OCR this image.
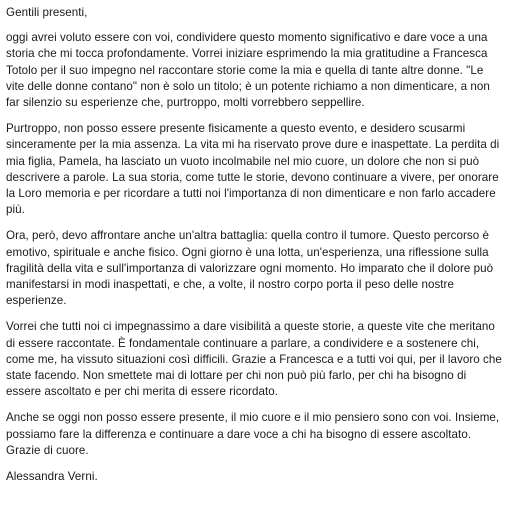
Gentili presenti,

oggi avrei voluto essere con voi, condividere questo momento significativo e dare voce a una storia che mi tocca profondamente. Vorrei iniziare esprimendo la mia gratitudine a Francesca Totolo per il suo impegno nel raccontare storie come la mia e quella di tante altre donne. "Le vite delle donne contano" non è solo un titolo; è un potente richiamo a non dimenticare, a non far silenzio su esperienze che, purtroppo, molti vorrebbero seppellire.

Purtroppo, non posso essere presente fisicamente a questo evento, e desidero scusarmi sinceramente per la mia assenza. La vita mi ha riservato prove dure e inaspettate. La perdita di mia figlia, Pamela, ha lasciato un vuoto incolmabile nel mio cuore, un dolore che non si può descrivere a parole. La sua storia, come tutte le storie, devono continuare a vivere, per onorare la Loro memoria e per ricordare a tutti noi l'importanza di non dimenticare e non farlo accadere più.

Ora, però, devo affrontare anche un'altra battaglia: quella contro il tumore. Questo percorso è emotivo, spirituale e anche fisico. Ogni giorno è una lotta, un'esperienza, una riflessione sulla fragilità della vita e sull'importanza di valorizzare ogni momento. Ho imparato che il dolore può manifestarsi in modi inaspettati, e che, a volte, il nostro corpo porta il peso delle nostre esperienze.

Vorrei che tutti noi ci impegnassimo a dare visibilità a queste storie, a queste vite che meritano di essere raccontate. È fondamentale continuare a parlare, a condividere e a sostenere chi, come me, ha vissuto situazioni così difficili. Grazie a Francesca e a tutti voi qui, per il lavoro che state facendo. Non smettete mai di lottare per chi non può più farlo, per chi ha bisogno di essere ascoltato e per chi merita di essere ricordato.

Anche se oggi non posso essere presente, il mio cuore e il mio pensiero sono con voi. Insieme, possiamo fare la differenza e continuare a dare voce a chi ha bisogno di essere ascoltato. Grazie di cuore.

Alessandra Verni.
